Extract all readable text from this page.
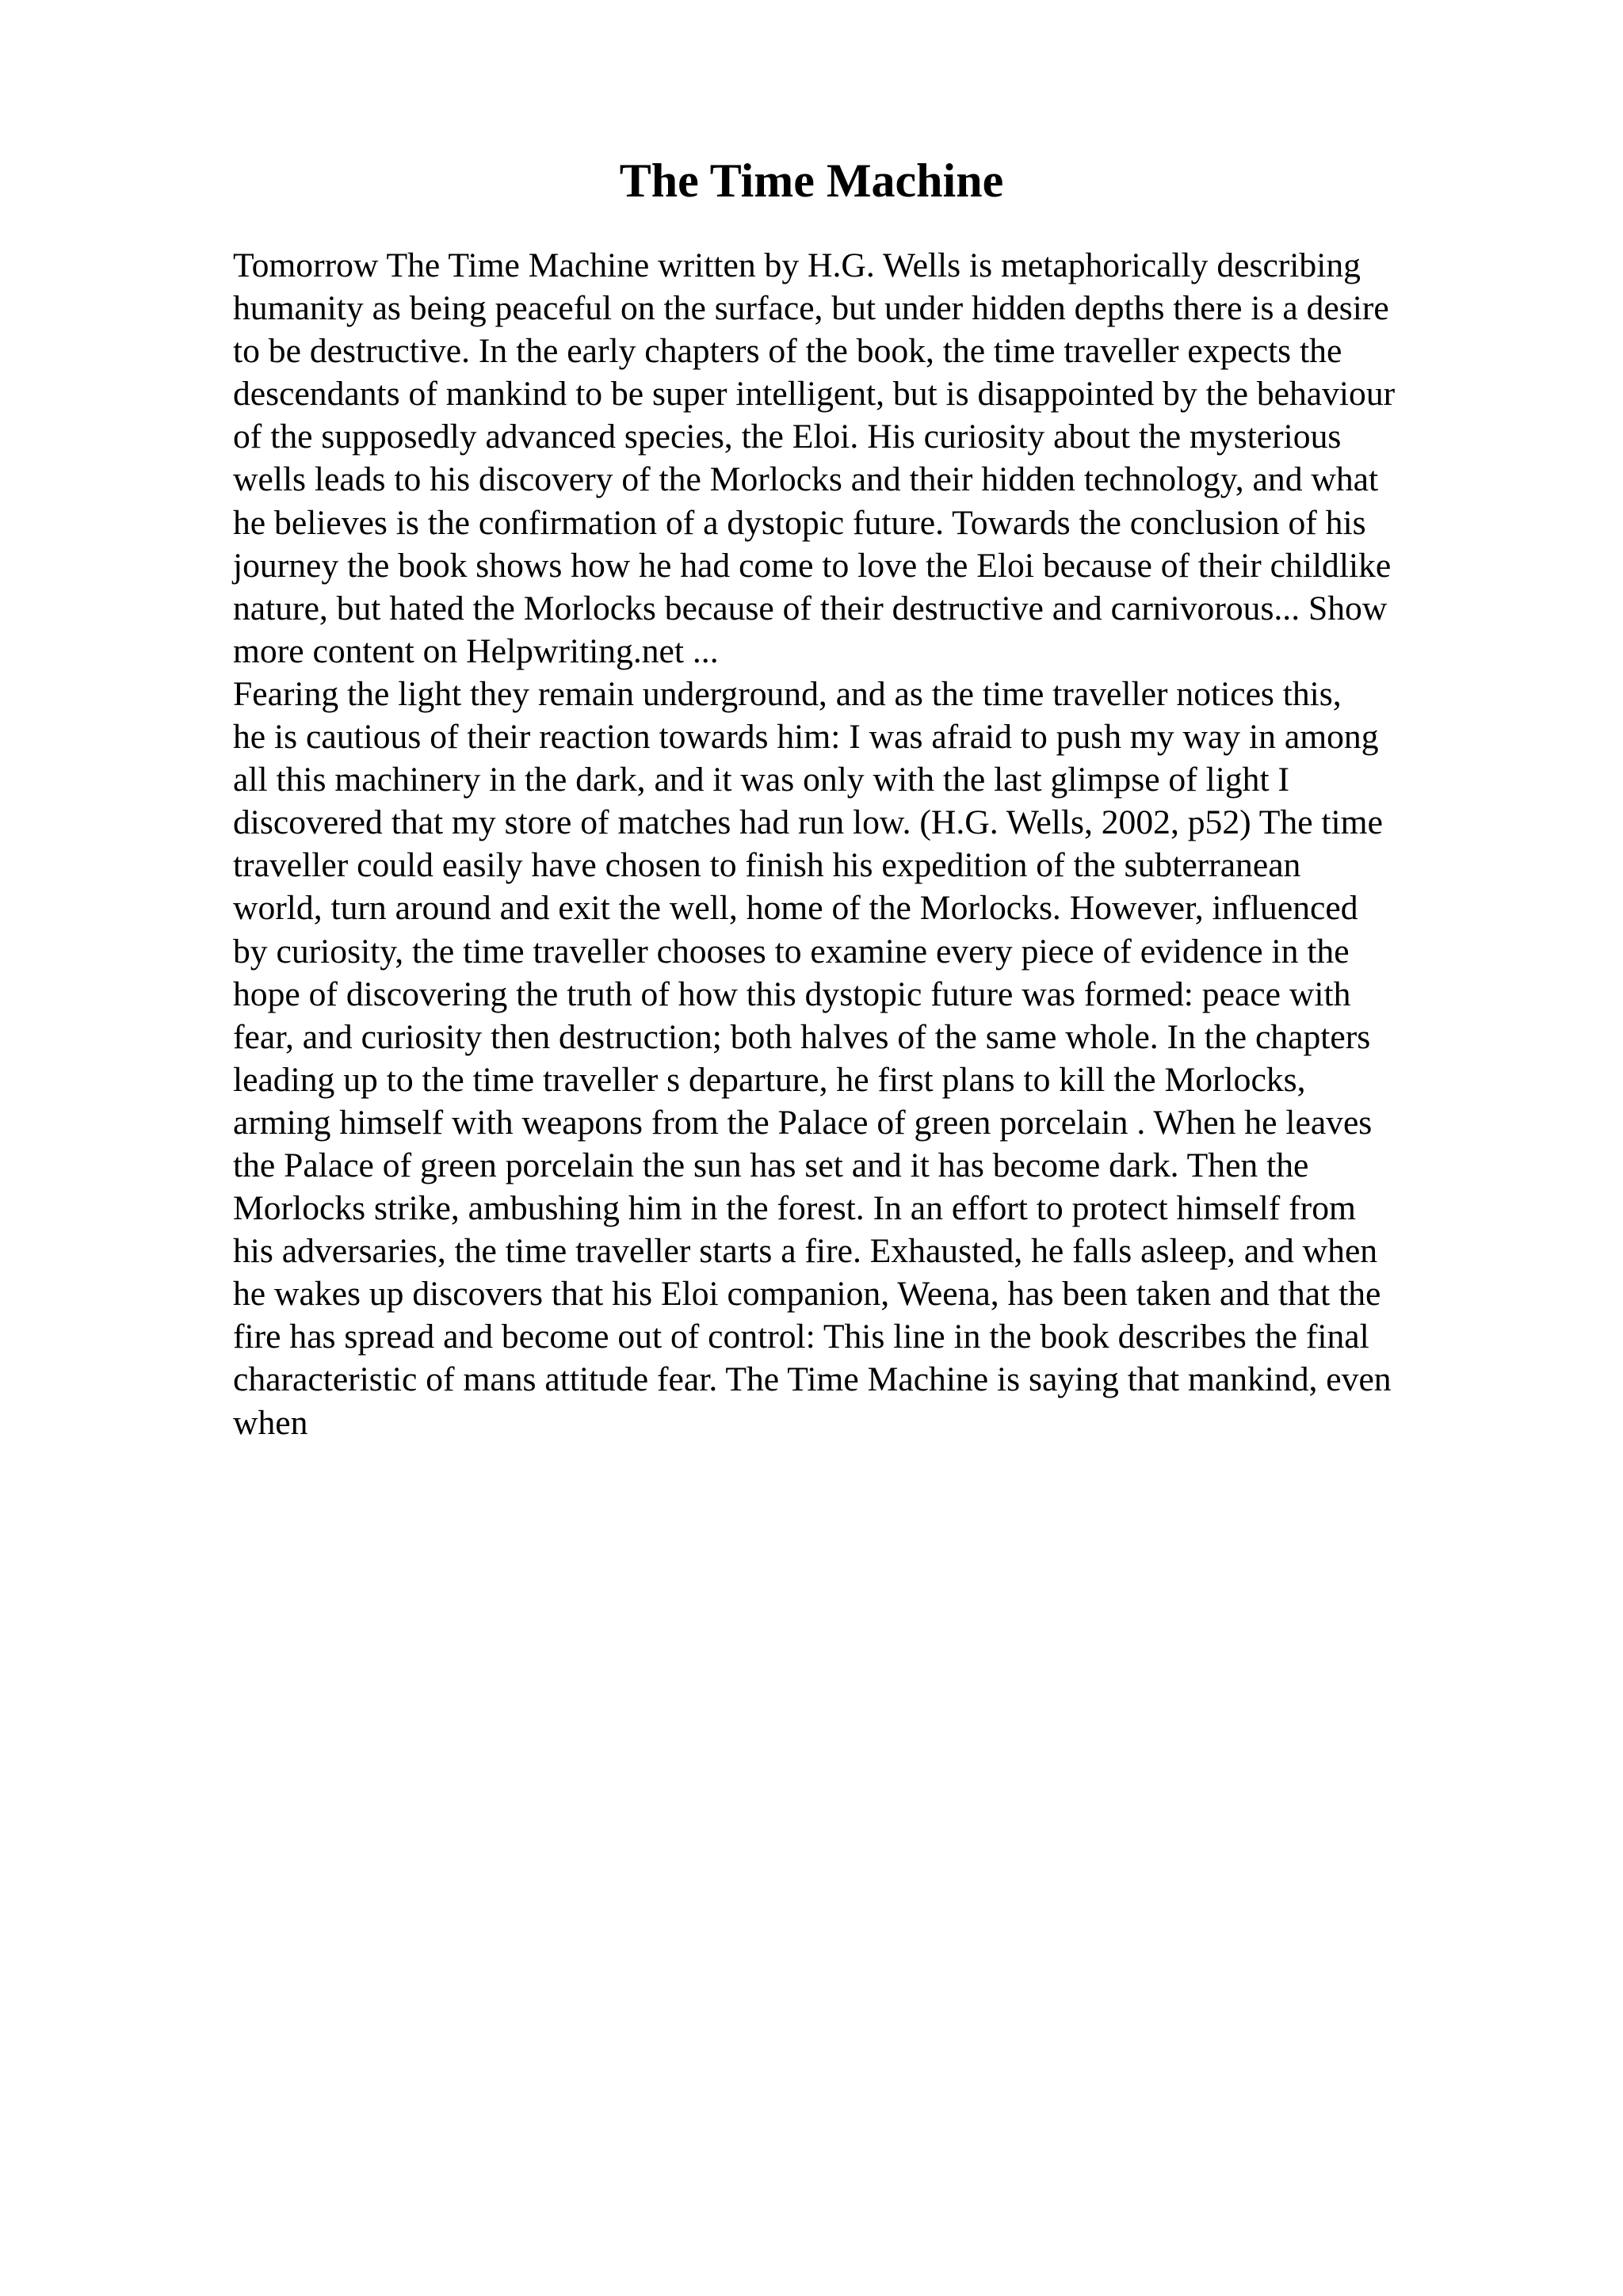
The Time Machine
Tomorrow The Time Machine written by H.G. Wells is metaphorically describing
humanity as being peaceful on the surface, but under hidden depths there is a desire
to be destructive. In the early chapters of the book, the time traveller expects the
descendants of mankind to be super intelligent, but is disappointed by the behaviour
of the supposedly advanced species, the Eloi. His curiosity about the mysterious
wells leads to his discovery of the Morlocks and their hidden technology, and what
he believes is the confirmation of a dystopic future. Towards the conclusion of his
journey the book shows how he had come to love the Eloi because of their childlike
nature, but hated the Morlocks because of their destructive and carnivorous... Show
more content on Helpwriting.net ...
Fearing the light they remain underground, and as the time traveller notices this,
he is cautious of their reaction towards him: I was afraid to push my way in among
all this machinery in the dark, and it was only with the last glimpse of light I
discovered that my store of matches had run low. (H.G. Wells, 2002, p52) The time
traveller could easily have chosen to finish his expedition of the subterranean
world, turn around and exit the well, home of the Morlocks. However, influenced
by curiosity, the time traveller chooses to examine every piece of evidence in the
hope of discovering the truth of how this dystopic future was formed: peace with
fear, and curiosity then destruction; both halves of the same whole. In the chapters
leading up to the time traveller s departure, he first plans to kill the Morlocks,
arming himself with weapons from the Palace of green porcelain . When he leaves
the Palace of green porcelain the sun has set and it has become dark. Then the
Morlocks strike, ambushing him in the forest. In an effort to protect himself from
his adversaries, the time traveller starts a fire. Exhausted, he falls asleep, and when
he wakes up discovers that his Eloi companion, Weena, has been taken and that the
fire has spread and become out of control: This line in the book describes the final
characteristic of mans attitude fear. The Time Machine is saying that mankind, even
when
